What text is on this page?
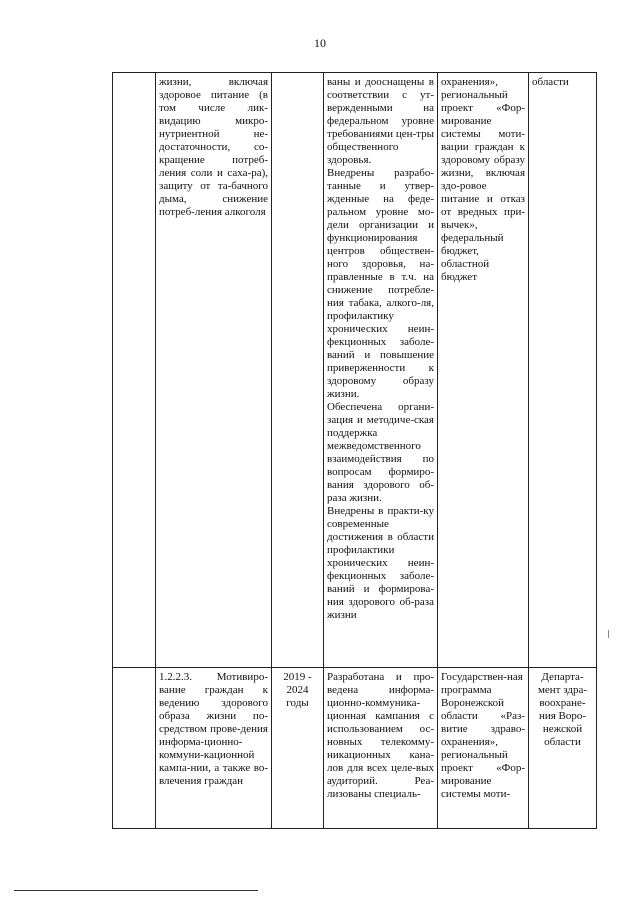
10
	жизни, включая здоровое питание (в том числе лик-видацию микро-нутриентной не-достаточности, со-кращение потреб-ления соли и саха-ра), защиту от та-бачного дыма, снижение потреб-ления алкоголя		ваны и дооснащены в соответствии с ут-вержденными на федеральном уровне требованиями цен-тры общественного здоровья.
Внедрены разрабо-танные и утвер-жденные на феде-ральном уровне мо-дели организации и функционирования центров обществен-ного здоровья, на-правленные в т.ч. на снижение потребле-ния табака, алкого-ля, профилактику хронических неин-фекционных заболе-ваний и повышение приверженности к здоровому образу жизни.
Обеспечена органи-зация и методиче-ская поддержка межведомственного взаимодействия по вопросам формиро-вания здорового об-раза жизни.
Внедрены в практи-ку современные достижения в области профилактики хронических неин-фекционных заболе-ваний и формирова-ния здорового об-раза жизни	охранения», региональный проект «Фор-мирование системы моти-вации граждан к здоровому образу жизни, включая здо-ровое питание и отказ от вредных при-вычек», федеральный бюджет, областной бюджет	области
	1.2.2.3. Мотивиро-вание граждан к ведению здорового образа жизни по-средством прове-дения информа-ционно-коммуни-кационной кампа-нии, а также во-влечения граждан	2019 - 2024 годы	Разработана и про-ведена информа-ционно-коммуника-ционная кампания с использованием ос-новных телекомму-никационных кана-лов для всех целе-вых аудиторий. Реа-лизованы специаль-	Государствен-ная программа Воронежской области «Раз-витие здраво-охранения», региональный проект «Фор-мирование системы моти-	Департа-мент здра-воохране-ния Воро-нежской области
